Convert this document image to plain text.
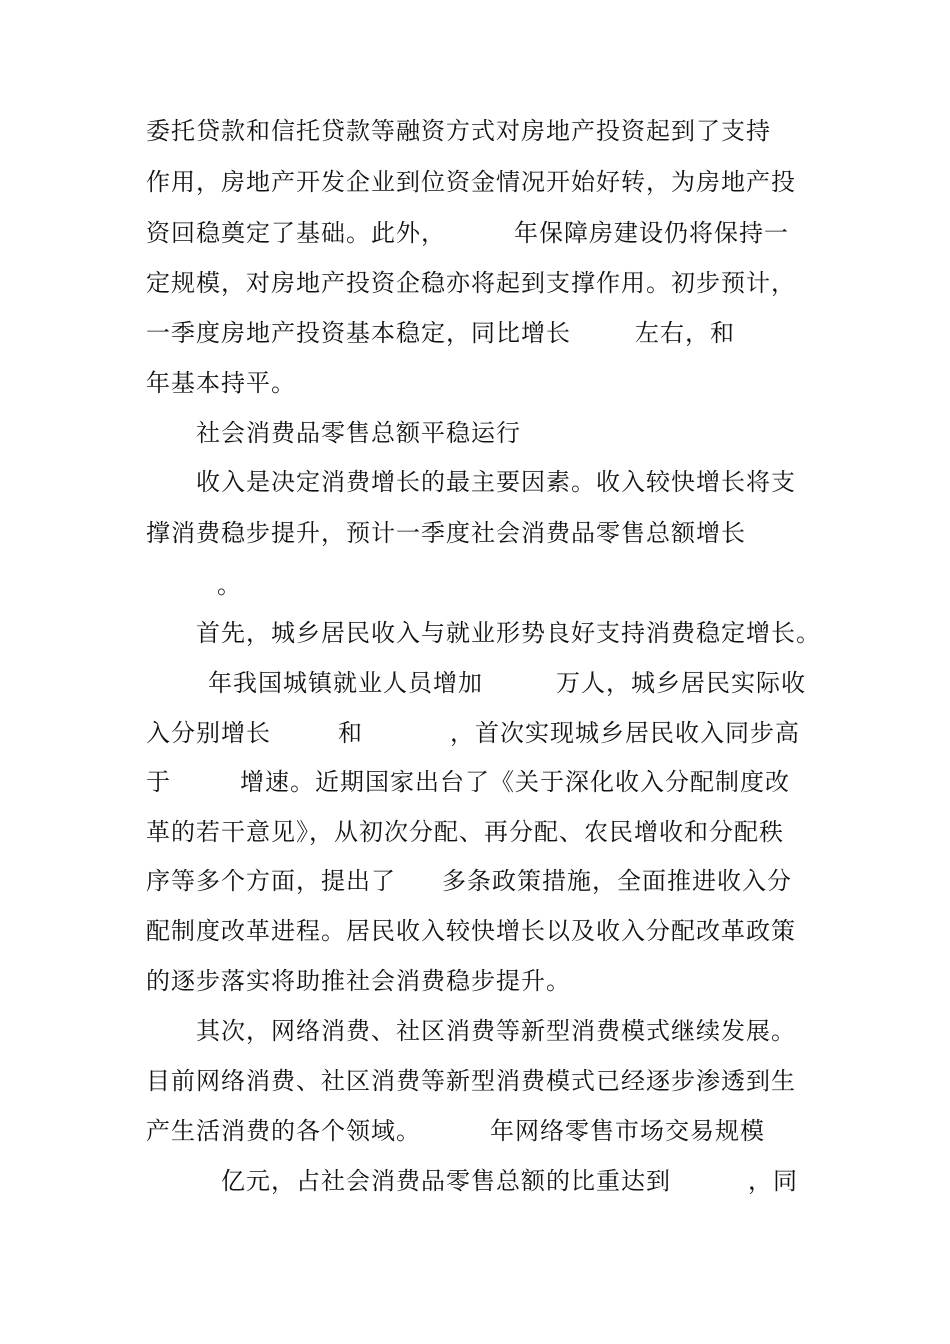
委托贷款和信托贷款等融资方式对房地产投资起到了支持
作用，房地产开发企业到位资金情况开始好转，为房地产投
资回稳奠定了基础。此外，	年保障房建设仍将保持一
定规模，对房地产投资企稳亦将起到支撑作用。初步预计，
一季度房地产投资基本稳定，同比增长	左右，和
年基本持平。
社会消费品零售总额平稳运行
收入是决定消费增长的最主要因素。收入较快增长将支
撑消费稳步提升，预计一季度社会消费品零售总额增长
。
首先，城乡居民收入与就业形势良好支持消费稳定增长。
年我国城镇就业人员增加	万人，城乡居民实际收
入分别增长	和	，首次实现城乡居民收入同步高
于	增速。近期国家出台了《关于深化收入分配制度改
革的若干意见》，从初次分配、再分配、农民增收和分配秩
序等多个方面，提出了 多条政策措施，全面推进收入分
配制度改革进程。居民收入较快增长以及收入分配改革政策
的逐步落实将助推社会消费稳步提升。
其次，网络消费、社区消费等新型消费模式继续发展。
目前网络消费、社区消费等新型消费模式已经逐步渗透到生
产生活消费的各个领域。	年网络零售市场交易规模
亿元，占社会消费品零售总额的比重达到	，同
